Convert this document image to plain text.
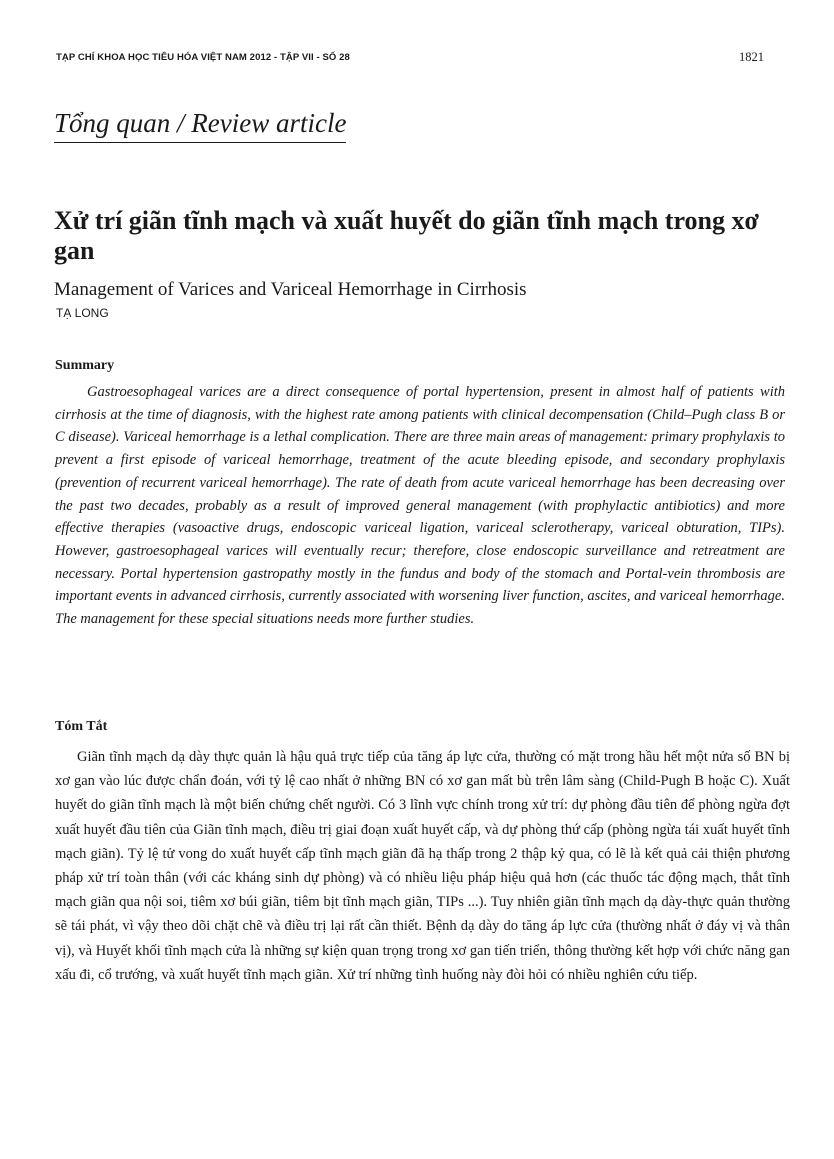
TẠP CHÍ KHOA HỌC TIÊU HÓA VIỆT NAM 2012 - TẬP VII - SỐ 28	1821
Tổng quan / Review article
Xử trí giãn tĩnh mạch và xuất huyết do giãn tĩnh mạch trong xơ gan
Management of Varices and Variceal Hemorrhage in Cirrhosis
TẠ LONG
Summary

Gastroesophageal varices are a direct consequence of portal hypertension, present in almost half of patients with cirrhosis at the time of diagnosis, with the highest rate among patients with clinical decompensation (Child–Pugh class B or C disease). Variceal hemorrhage is a lethal complication. There are three main areas of management: primary prophylaxis to prevent a first episode of variceal hemorrhage, treatment of the acute bleeding episode, and secondary prophylaxis (prevention of recurrent variceal hemorrhage). The rate of death from acute variceal hemorrhage has been decreasing over the past two decades, probably as a result of improved general management (with prophylactic antibiotics) and more effective therapies (vasoactive drugs, endoscopic variceal ligation, variceal sclerotherapy, variceal obturation, TIPs). However, gastroesophageal varices will eventually recur; therefore, close endoscopic surveillance and retreatment are necessary. Portal hypertension gastropathy mostly in the fundus and body of the stomach and Portal-vein thrombosis are important events in advanced cirrhosis, currently associated with worsening liver function, ascites, and variceal hemorrhage. The management for these special situations needs more further studies.

Tóm Tắt

Giãn tĩnh mạch dạ dày thực quản là hậu quả trực tiếp của tăng áp lực cửa, thường có mặt trong hầu hết một nửa số BN bị xơ gan vào lúc được chẩn đoán, với tỷ lệ cao nhất ở những BN có xơ gan mất bù trên lâm sàng (Child-Pugh B hoặc C). Xuất huyết do giãn tĩnh mạch là một biến chứng chết người. Có 3 lĩnh vực chính trong xử trí: dự phòng đầu tiên để phòng ngừa đợt xuất huyết đầu tiên của Giãn tĩnh mạch, điều trị giai đoạn xuất huyết cấp, và dự phòng thứ cấp (phòng ngừa tái xuất huyết tĩnh mạch giãn). Tỷ lệ tử vong do xuất huyết cấp tĩnh mạch giãn đã hạ thấp trong 2 thập kỷ qua, có lẽ là kết quả cải thiện phương pháp xử trí toàn thân (với các kháng sinh dự phòng) và có nhiều liệu pháp hiệu quả hơn (các thuốc tác động mạch, thắt tĩnh mạch giãn qua nội soi, tiêm xơ búi giãn, tiêm bịt tĩnh mạch giãn, TIPs ...). Tuy nhiên giãn tĩnh mạch dạ dày-thực quản thường sẽ tái phát, vì vậy theo dõi chặt chẽ và điều trị lại rất cần thiết. Bệnh dạ dày do tăng áp lực cửa (thường nhất ở đáy vị và thân vị), và Huyết khối tĩnh mạch cửa là những sự kiện quan trọng trong xơ gan tiến triển, thông thường kết hợp với chức năng gan xấu đi, cổ trướng, và xuất huyết tĩnh mạch giãn. Xử trí những tình huống này đòi hỏi có nhiều nghiên cứu tiếp.
